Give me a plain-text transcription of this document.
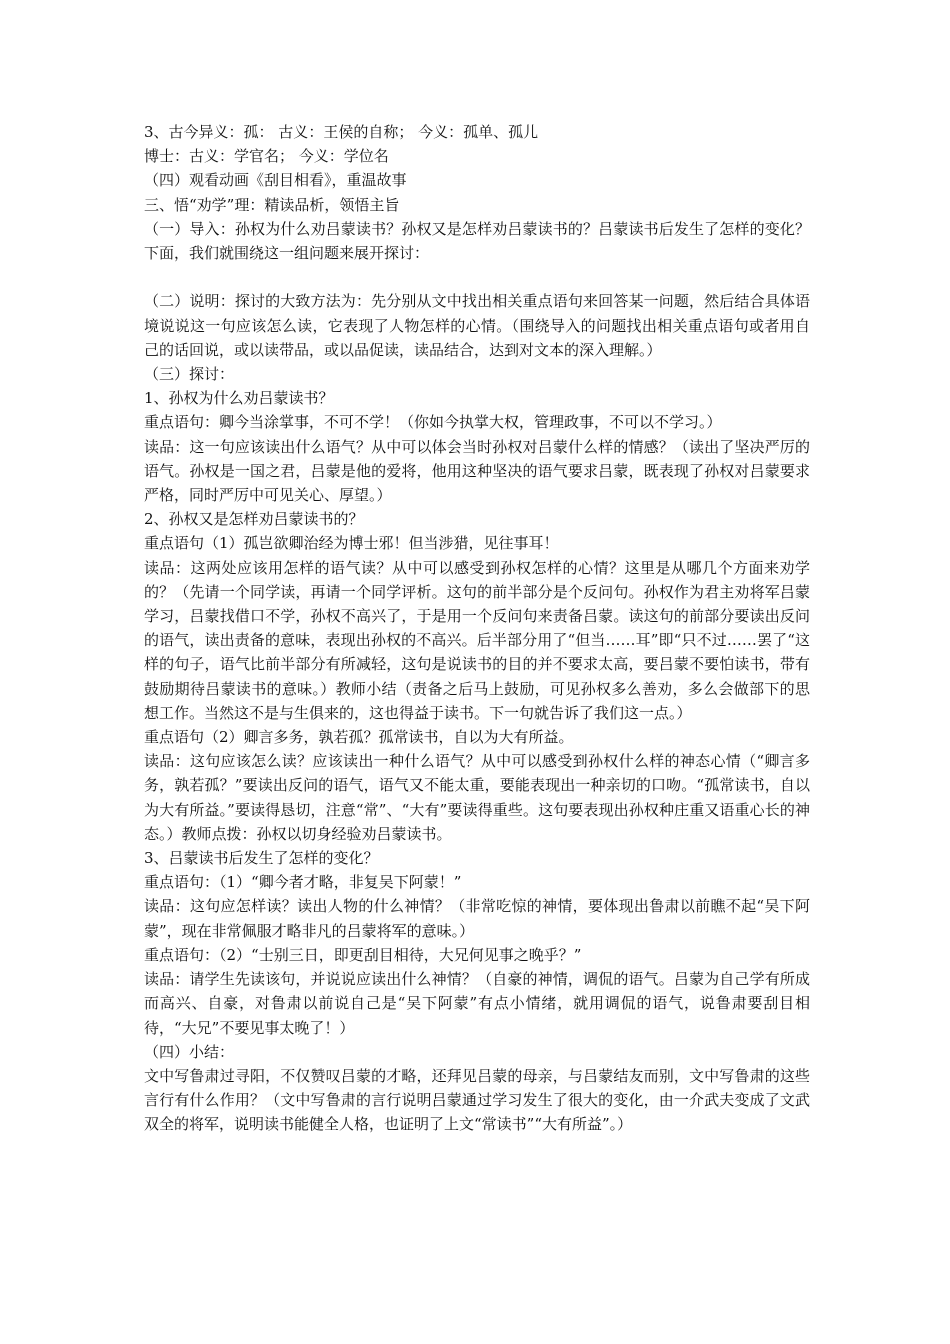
3、古今异义：孤： 古义：王侯的自称； 今义：孤单、孤儿
博士：古义：学官名； 今义：学位名
（四）观看动画《刮目相看》，重温故事
三、悟“劝学”理：精读品析，领悟主旨
（一）导入：孙权为什么劝吕蒙读书？孙权又是怎样劝吕蒙读书的？吕蒙读书后发生了怎样的变化？下面，我们就围绕这一组问题来展开探讨：
（二）说明：探讨的大致方法为：先分别从文中找出相关重点语句来回答某一问题，然后结合具体语境说说这一句应该怎么读，它表现了人物怎样的心情。（围绕导入的问题找出相关重点语句或者用自己的话回说，或以读带品，或以品促读，读品结合，达到对文本的深入理解。）
（三）探讨：
1、孙权为什么劝吕蒙读书？
重点语句：卿今当涂掌事，不可不学！（你如今执掌大权，管理政事，不可以不学习。）
读品：这一句应该读出什么语气？从中可以体会当时孙权对吕蒙什么样的情感？（读出了坚决严厉的语气。孙权是一国之君，吕蒙是他的爱将，他用这种坚决的语气要求吕蒙，既表现了孙权对吕蒙要求严格，同时严厉中可见关心、厚望。）
2、孙权又是怎样劝吕蒙读书的？
重点语句（1）孤岂欲卿治经为博士邪！但当涉猎，见往事耳！
读品：这两处应该用怎样的语气读？从中可以感受到孙权怎样的心情？这里是从哪几个方面来劝学的？（先请一个同学读，再请一个同学评析。这句的前半部分是个反问句。孙权作为君主劝将军吕蒙学习，吕蒙找借口不学，孙权不高兴了，于是用一个反问句来责备吕蒙。读这句的前部分要读出反问的语气，读出责备的意味，表现出孙权的不高兴。后半部分用了“但当……耳”即“只不过……罢了“这样的句子，语气比前半部分有所减轻，这句是说读书的目的并不要求太高，要吕蒙不要怕读书，带有鼓励期待吕蒙读书的意味。）教师小结（责备之后马上鼓励，可见孙权多么善劝，多么会做部下的思想工作。当然这不是与生俱来的，这也得益于读书。下一句就告诉了我们这一点。）
重点语句（2）卿言多务，孰若孤？孤常读书，自以为大有所益。
读品：这句应该怎么读？应该读出一种什么语气？从中可以感受到孙权什么样的神态心情（“卿言多务，孰若孤？”要读出反问的语气，语气又不能太重，要能表现出一种亲切的口吻。“孤常读书，自以为大有所益。”要读得恳切，注意“常”、“大有”要读得重些。这句要表现出孙权种庄重又语重心长的神态。）教师点拨：孙权以切身经验劝吕蒙读书。
3、吕蒙读书后发生了怎样的变化？
重点语句：（1）“卿今者才略，非复吴下阿蒙！”
读品：这句应怎样读？读出人物的什么神情？（非常吃惊的神情，要体现出鲁肃以前瞧不起“吴下阿蒙”，现在非常佩服才略非凡的吕蒙将军的意味。）
重点语句：（2）“士别三日，即更刮目相待，大兄何见事之晚乎？”
读品：请学生先读该句，并说说应读出什么神情？（自豪的神情，调侃的语气。吕蒙为自己学有所成而高兴、自豪，对鲁肃以前说自己是“吴下阿蒙”有点小情绪，就用调侃的语气，说鲁肃要刮目相待，“大兄”不要见事太晚了！）
（四）小结：
文中写鲁肃过寻阳，不仅赞叹吕蒙的才略，还拜见吕蒙的母亲，与吕蒙结友而别，文中写鲁肃的这些言行有什么作用？（文中写鲁肃的言行说明吕蒙通过学习发生了很大的变化，由一介武夫变成了文武双全的将军，说明读书能健全人格，也证明了上文“常读书”“大有所益”。）
